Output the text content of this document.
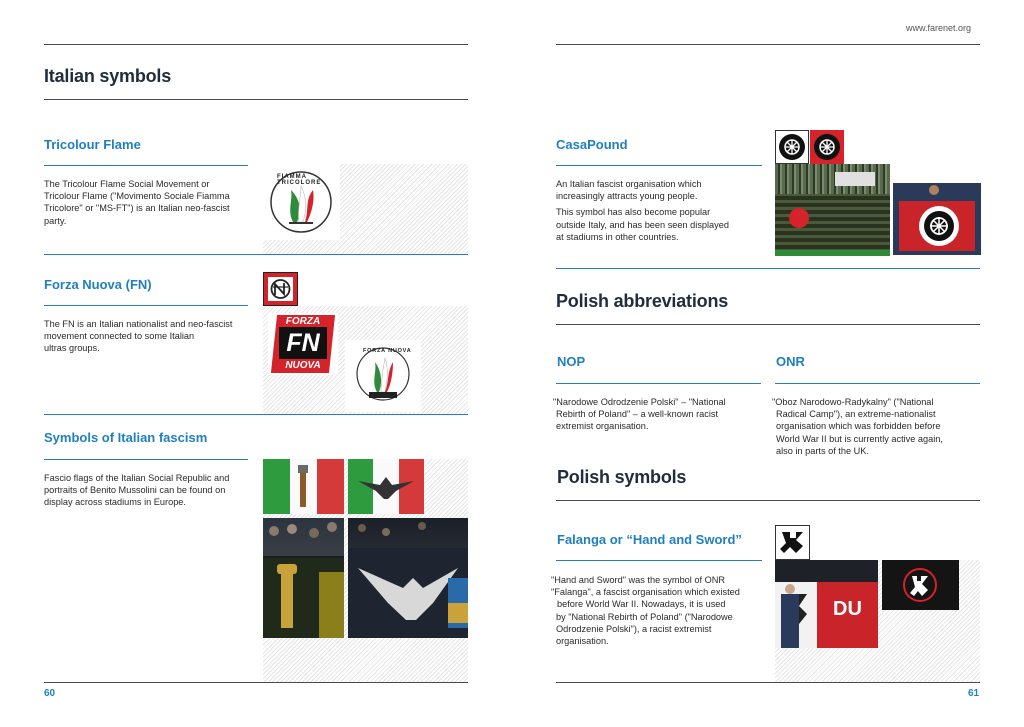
Italian symbols
Tricolour Flame
The Tricolour Flame Social Movement or
Tricolour Flame ("Movimento Sociale Fiamma
Tricolore" or "MS-FT") is an Italian neo-fascist
party.
FIAMMA TRICOLORE
Forza Nuova (FN)
The FN is an Italian nationalist and neo-fascist
movement connected to some Italian
ultras groups.
FORZA
FN
NUOVA
FORZA NUOVA
Symbols of Italian fascism
Fascio flags of the Italian Social Republic and
portraits of Benito Mussolini can be found on
display across stadiums in Europe.
60
www.farenet.org
CasaPound

An Italian fascist organisation which
increasingly attracts young people.

This symbol has also become popular
outside Italy, and has been seen displayed
at stadiums in other countries.

Polish abbreviations
NOP
"Narodowe Odrodzenie Polski" – "National
Rebirth of Poland" – a well-known racist
extremist organisation.
ONR
"Oboz Narodowo-Radykalny" ("National
Radical Camp"), an extreme-nationalist
organisation which was forbidden before
World War II but is currently active again,
also in parts of the UK.
Polish symbols
Falanga or “Hand and Sword”
"Hand and Sword" was the symbol of ONR
"Falanga", a fascist organisation which existed
before World War II. Nowadays, it is used
by "National Rebirth of Poland" ("Narodowe
Odrodzenie Polski"), a racist extremist
organisation.
DU
61
